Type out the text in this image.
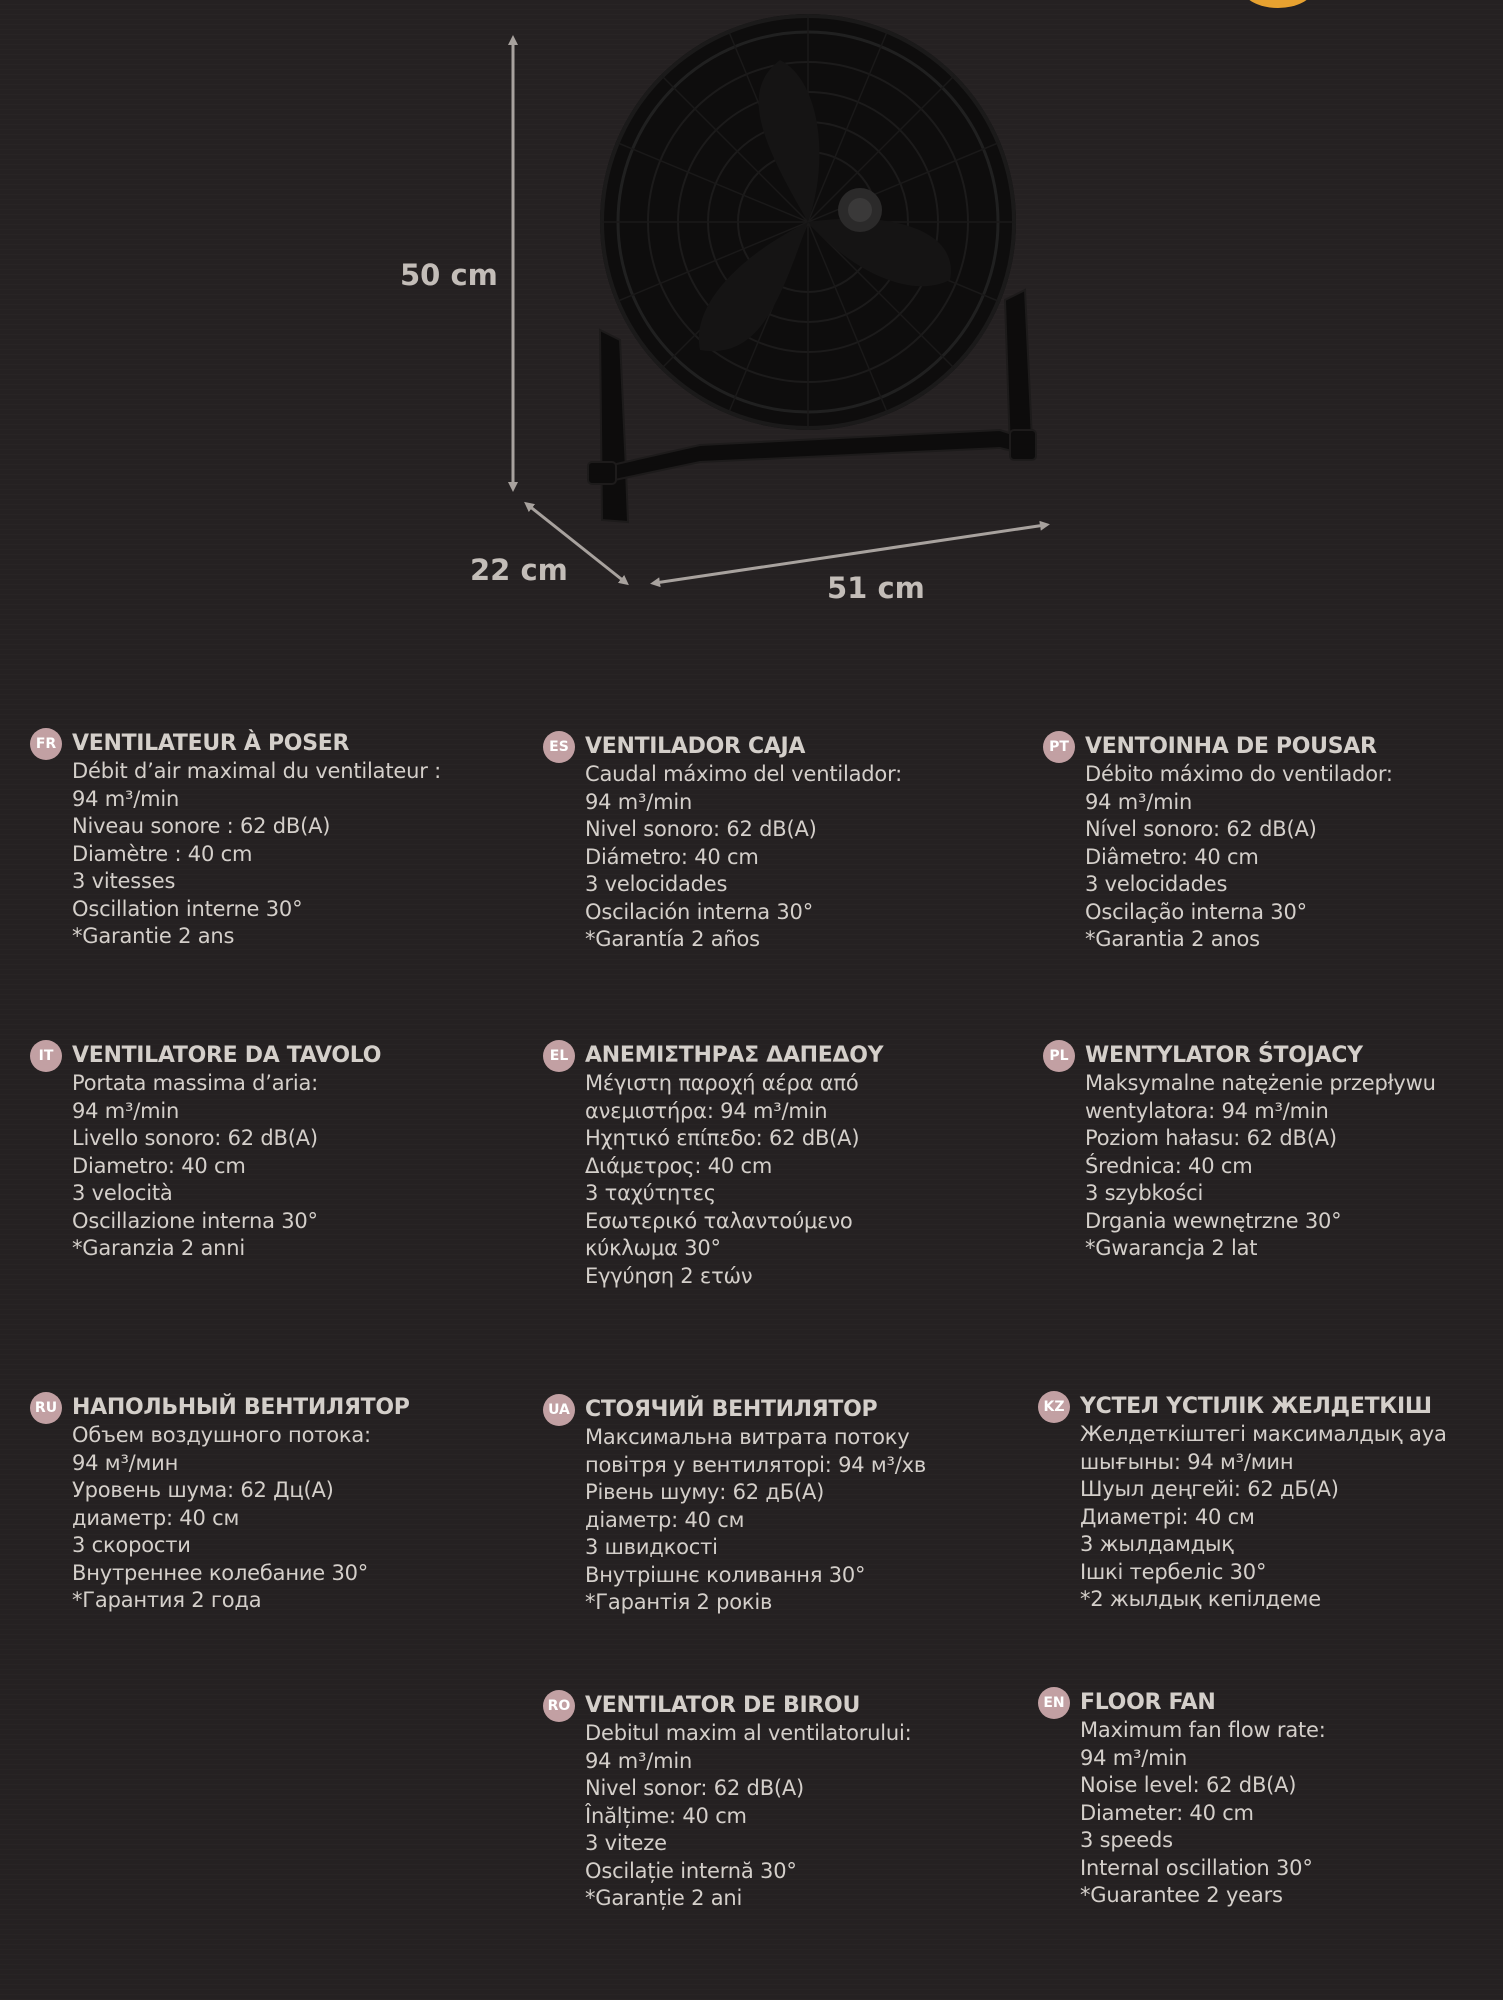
50 cm
22 cm
51 cm
FR VENTILATEUR À POSER
Débit d’air maximal du ventilateur :
94 m³/min
Niveau sonore : 62 dB(A)
Diamètre : 40 cm
3 vitesses
Oscillation interne 30°
*Garantie 2 ans
ES VENTILADOR CAJA
Caudal máximo del ventilador:
94 m³/min
Nivel sonoro: 62 dB(A)
Diámetro: 40 cm
3 velocidades
Oscilación interna 30°
*Garantía 2 años
PT VENTOINHA DE POUSAR
Débito máximo do ventilador:
94 m³/min
Nível sonoro: 62 dB(A)
Diâmetro: 40 cm
3 velocidades
Oscilação interna 30°
*Garantia 2 anos
IT VENTILATORE DA TAVOLO
Portata massima d’aria:
94 m³/min
Livello sonoro: 62 dB(A)
Diametro: 40 cm
3 velocità
Oscillazione interna 30°
*Garanzia 2 anni
EL ΑΝΕΜΙΣΤΗΡΑΣ ΔΑΠΕΔΟΥ
Μέγιστη παροχή αέρα από
ανεμιστήρα: 94 m³/min
Ηχητικό επίπεδο: 62 dB(A)
Διάμετρος: 40 cm
3 ταχύτητες
Εσωτερικό ταλαντούμενο
κύκλωμα 30°
Εγγύηση 2 ετών
PL WENTYLATOR ŚTOJACY
Maksymalne natężenie przepływu
wentylatora: 94 m³/min
Poziom hałasu: 62 dB(A)
Średnica: 40 cm
3 szybkości
Drgania wewnętrzne 30°
*Gwarancja 2 lat
RU НАПОЛЬНЫЙ ВЕНТИЛЯТОР
Объем воздушного потока:
94 м³/мин
Уровень шума: 62 Дц(А)
диаметр: 40 см
3 скорости
Внутреннее колебание 30°
*Гарантия 2 года
UA СТОЯЧИЙ ВЕНТИЛЯТОР
Максимальна витрата потоку
повітря у вентиляторі: 94 м³/хв
Рівень шуму: 62 дБ(А)
діаметр: 40 см
3 швидкості
Внутрішнє коливання 30°
*Гарантія 2 років
KZ ҮСТЕЛ ҮСТІЛІК ЖЕЛДЕТКІШ
Желдеткіштегі максималдық ауа
шығыны: 94 м³/мин
Шуыл деңгейі: 62 дБ(А)
Диаметрі: 40 см
3 жылдамдық
Ішкі тербеліс 30°
*2 жылдық кепілдеме
RO VENTILATOR DE BIROU
Debitul maxim al ventilatorului:
94 m³/min
Nivel sonor: 62 dB(A)
Înălțime: 40 cm
3 viteze
Oscilație internă 30°
*Garanție 2 ani
EN FLOOR FAN
Maximum fan flow rate:
94 m³/min
Noise level: 62 dB(A)
Diameter: 40 cm
3 speeds
Internal oscillation 30°
*Guarantee 2 years
